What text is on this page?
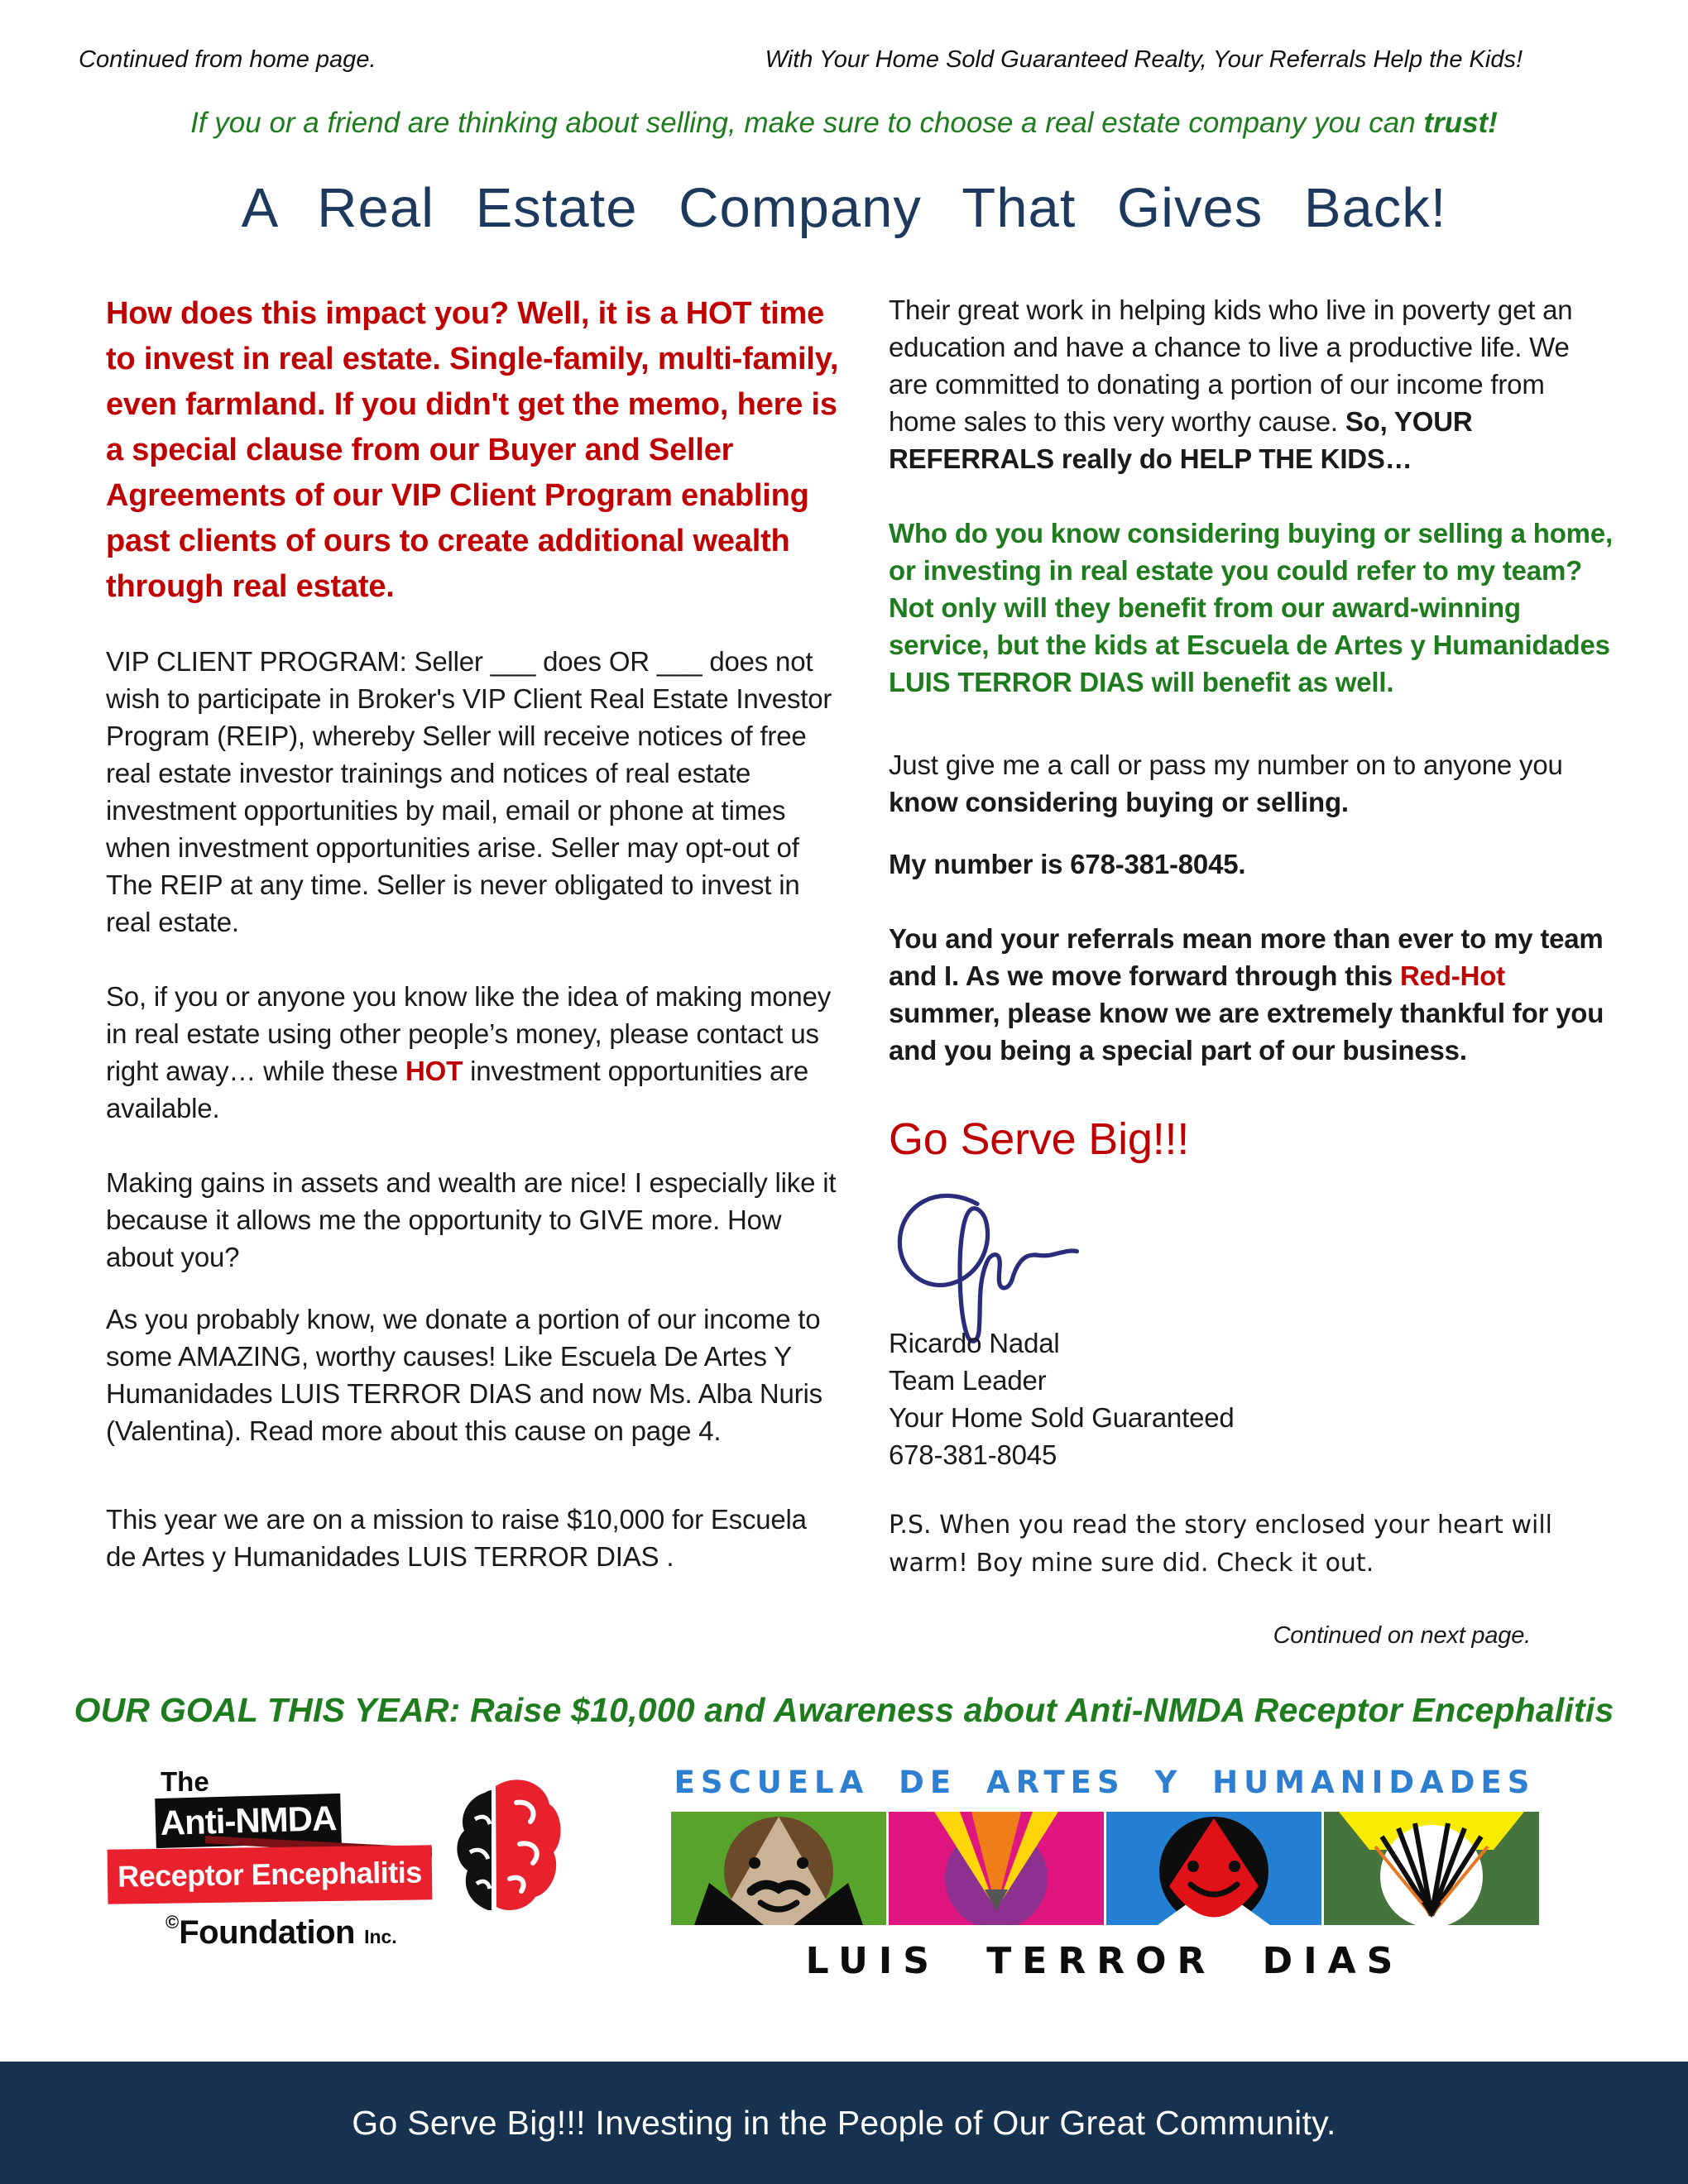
Continued from home page.	With Your Home Sold Guaranteed Realty, Your Referrals Help the Kids!
If you or a friend are thinking about selling, make sure to choose a real estate company you can trust!
A Real Estate Company That Gives Back!

How does this impact you? Well, it is a HOT time to invest in real estate. Single-family, multi-family, even farmland. If you didn't get the memo, here is a special clause from our Buyer and Seller Agreements of our VIP Client Program enabling past clients of ours to create additional wealth through real estate.

VIP CLIENT PROGRAM: Seller ___ does OR ___ does not wish to participate in Broker's VIP Client Real Estate Investor Program (REIP), whereby Seller will receive notices of free real estate investor trainings and notices of real estate investment opportunities by mail, email or phone at times when investment opportunities arise. Seller may opt-out of The REIP at any time. Seller is never obligated to invest in real estate.

So, if you or anyone you know like the idea of making money in real estate using other people’s money, please contact us right away… while these HOT investment opportunities are available.

Making gains in assets and wealth are nice! I especially like it because it allows me the opportunity to GIVE more. How about you?

As you probably know, we donate a portion of our income to some AMAZING, worthy causes! Like Escuela De Artes Y Humanidades LUIS TERROR DIAS and now Ms. Alba Nuris (Valentina). Read more about this cause on page 4.

This year we are on a mission to raise $10,000 for Escuela de Artes y Humanidades LUIS TERROR DIAS .

Their great work in helping kids who live in poverty get an education and have a chance to live a productive life. We are committed to donating a portion of our income from home sales to this very worthy cause. So, YOUR REFERRALS really do HELP THE KIDS…

Who do you know considering buying or selling a home, or investing in real estate you could refer to my team? Not only will they benefit from our award-winning service, but the kids at Escuela de Artes y Humanidades LUIS TERROR DIAS will benefit as well.

Just give me a call or pass my number on to anyone you know considering buying or selling.

My number is 678-381-8045.

You and your referrals mean more than ever to my team and I. As we move forward through this Red-Hot summer, please know we are extremely thankful for you and you being a special part of our business.

Go Serve Big!!!
Ricardo Nadal
Team Leader
Your Home Sold Guaranteed
678-381-8045

P.S. When you read the story enclosed your heart will warm! Boy mine sure did. Check it out.

Continued on next page.
OUR GOAL THIS YEAR: Raise $10,000 and Awareness about Anti-NMDA Receptor Encephalitis
The
Anti-NMDA
Receptor Encephalitis
©Foundation Inc.
ESCUELA DE ARTES Y HUMANIDADES
LUIS TERROR DIAS
Go Serve Big!!! Investing in the People of Our Great Community.
